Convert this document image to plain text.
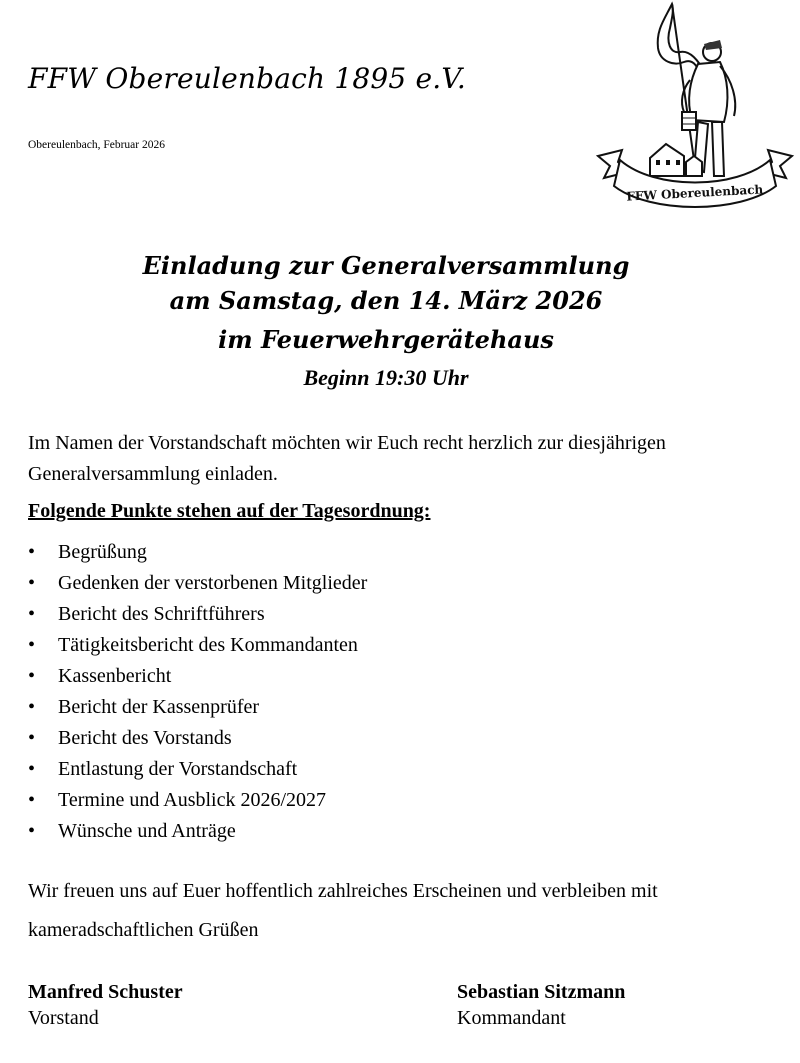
FFW Obereulenbach 1895 e.V.
Obereulenbach, Februar 2026
FFW Obereulenbach
Einladung zur Generalversammlung
am Samstag, den 14. März 2026
im Feuerwehrgerätehaus
Beginn 19:30 Uhr
Im Namen der Vorstandschaft möchten wir Euch recht herzlich zur diesjährigen Generalversammlung einladen.
Folgende Punkte stehen auf der Tagesordnung:
•	Begrüßung
•	Gedenken der verstorbenen Mitglieder
•	Bericht des Schriftführers
•	Tätigkeitsbericht des Kommandanten
•	Kassenbericht
•	Bericht der Kassenprüfer
•	Bericht des Vorstands
•	Entlastung der Vorstandschaft
•	Termine und Ausblick 2026/2027
•	Wünsche und Anträge
Wir freuen uns auf Euer hoffentlich zahlreiches Erscheinen und verbleiben mit
kameradschaftlichen Grüßen
Manfred Schuster
Vorstand
Sebastian Sitzmann
Kommandant
